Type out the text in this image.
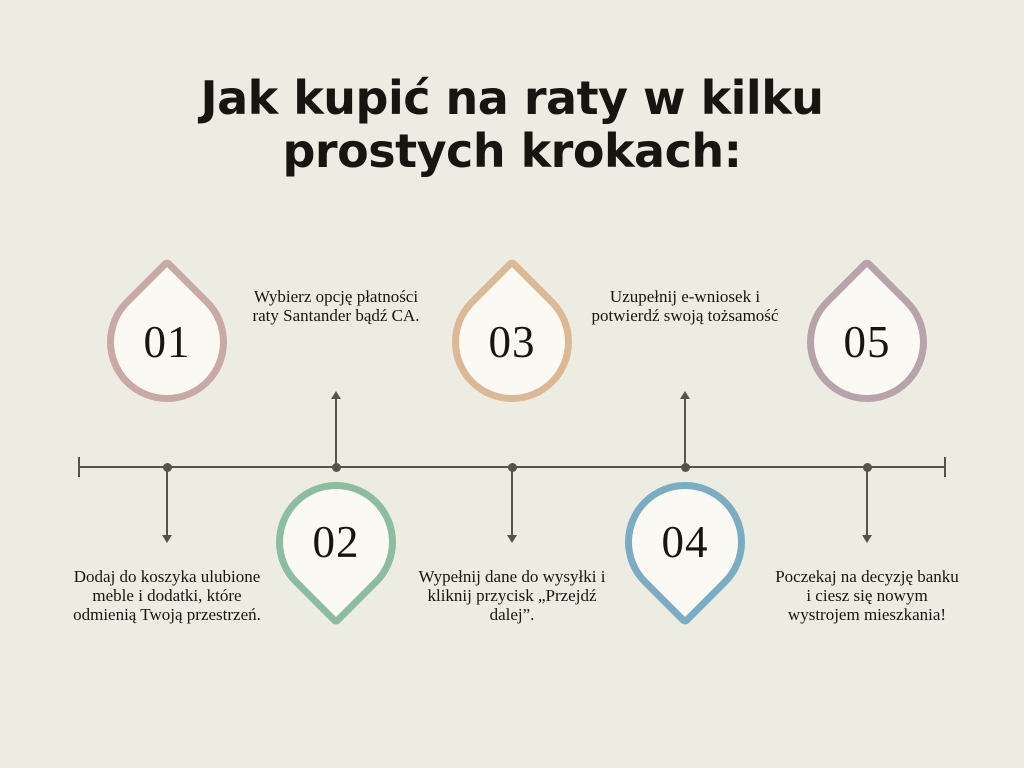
Jak kupić na raty w kilku
prostych krokach:
01
Dodaj do koszyka ulubione meble i dodatki, które odmienią Twoją przestrzeń.
02
Wybierz opcję płatności raty Santander bądź CA.
03
Wypełnij dane do wysyłki i kliknij przycisk „Przejdź dalej”.
04
Uzupełnij e-wniosek i potwierdź swoją tożsamość
05
Poczekaj na decyzję banku i ciesz się nowym wystrojem mieszkania!
